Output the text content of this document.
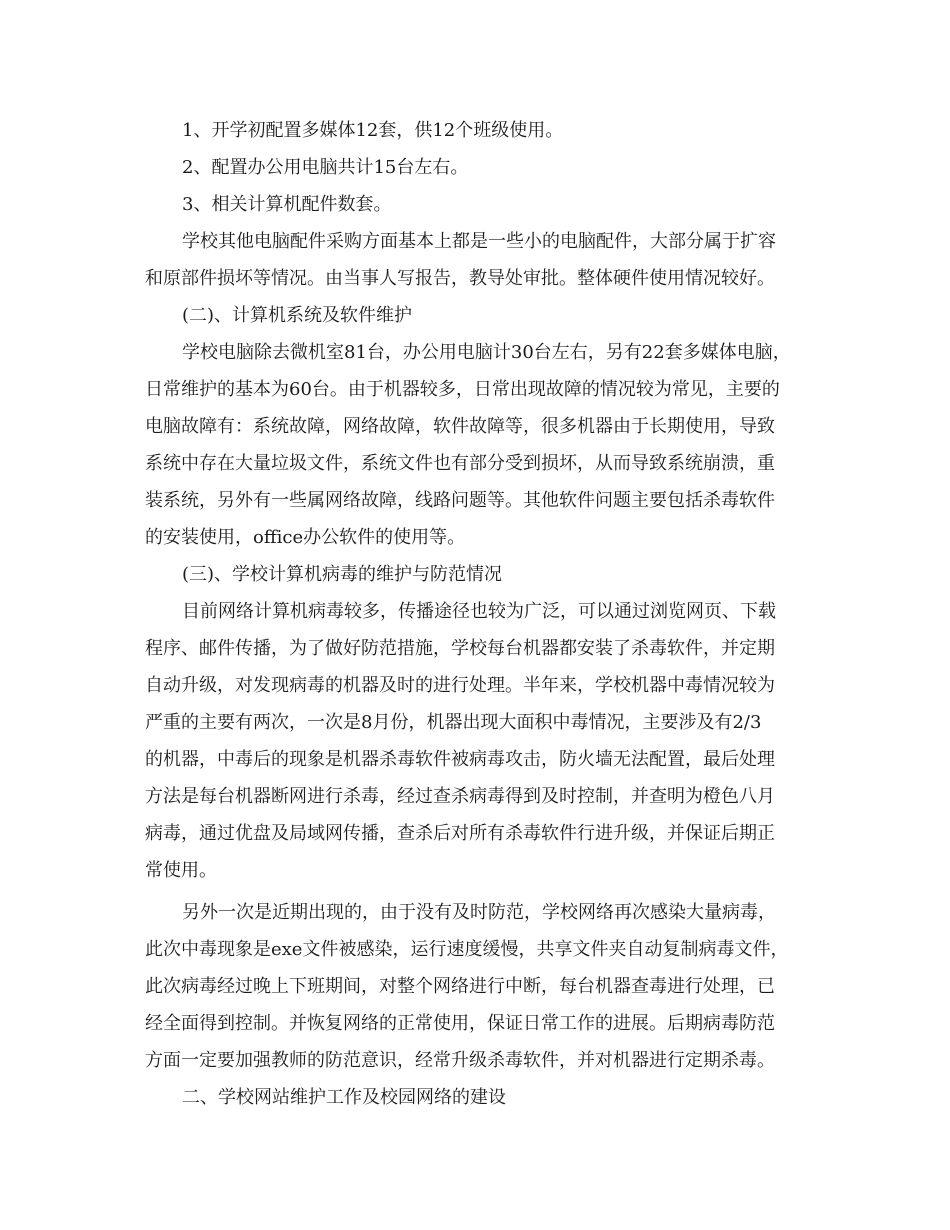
1、开学初配置多媒体12套，供12个班级使用。
2、配置办公用电脑共计15台左右。
3、相关计算机配件数套。
学校其他电脑配件采购方面基本上都是一些小的电脑配件，大部分属于扩容
和原部件损坏等情况。由当事人写报告，教导处审批。整体硬件使用情况较好。
(二)、计算机系统及软件维护
学校电脑除去微机室81台，办公用电脑计30台左右，另有22套多媒体电脑，
日常维护的基本为60台。由于机器较多，日常出现故障的情况较为常见，主要的
电脑故障有：系统故障，网络故障，软件故障等，很多机器由于长期使用，导致
系统中存在大量垃圾文件，系统文件也有部分受到损坏，从而导致系统崩溃，重
装系统，另外有一些属网络故障，线路问题等。其他软件问题主要包括杀毒软件
的安装使用，office办公软件的使用等。
(三)、学校计算机病毒的维护与防范情况
目前网络计算机病毒较多，传播途径也较为广泛，可以通过浏览网页、下载
程序、邮件传播，为了做好防范措施，学校每台机器都安装了杀毒软件，并定期
自动升级，对发现病毒的机器及时的进行处理。半年来，学校机器中毒情况较为
严重的主要有两次，一次是8月份，机器出现大面积中毒情况，主要涉及有2/3
的机器，中毒后的现象是机器杀毒软件被病毒攻击，防火墙无法配置，最后处理
方法是每台机器断网进行杀毒，经过查杀病毒得到及时控制，并查明为橙色八月
病毒，通过优盘及局域网传播，查杀后对所有杀毒软件行进升级，并保证后期正
常使用。
另外一次是近期出现的，由于没有及时防范，学校网络再次感染大量病毒，
此次中毒现象是exe文件被感染，运行速度缓慢，共享文件夹自动复制病毒文件，
此次病毒经过晚上下班期间，对整个网络进行中断，每台机器查毒进行处理，已
经全面得到控制。并恢复网络的正常使用，保证日常工作的进展。后期病毒防范
方面一定要加强教师的防范意识，经常升级杀毒软件，并对机器进行定期杀毒。
二、学校网站维护工作及校园网络的建设
